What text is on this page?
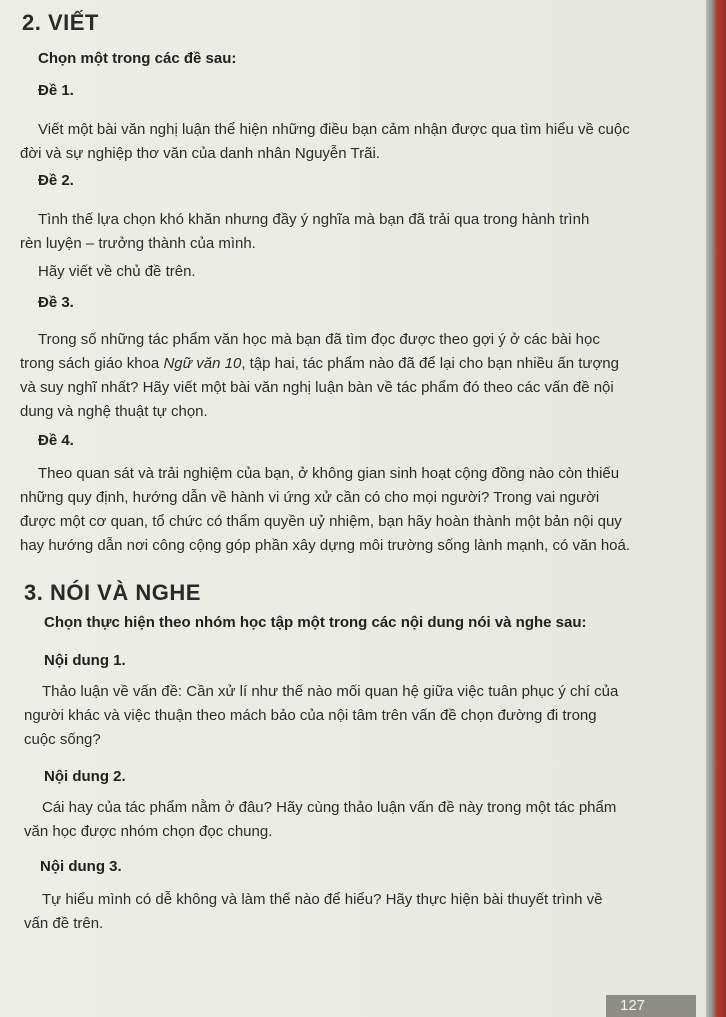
2. VIẾT
Chọn một trong các đề sau:
Đề 1.
Viết một bài văn nghị luận thể hiện những điều bạn cảm nhận được qua tìm hiểu về cuộc
đời và sự nghiệp thơ văn của danh nhân Nguyễn Trãi.
Đề 2.
Tình thế lựa chọn khó khăn nhưng đầy ý nghĩa mà bạn đã trải qua trong hành trình
rèn luyện – trưởng thành của mình.
Hãy viết về chủ đề trên.
Đề 3.
Trong số những tác phẩm văn học mà bạn đã tìm đọc được theo gợi ý ở các bài học
trong sách giáo khoa Ngữ văn 10, tập hai, tác phẩm nào đã để lại cho bạn nhiều ấn tượng
và suy nghĩ nhất? Hãy viết một bài văn nghị luận bàn về tác phẩm đó theo các vấn đề nội
dung và nghệ thuật tự chọn.
Đề 4.
Theo quan sát và trải nghiệm của bạn, ở không gian sinh hoạt cộng đồng nào còn thiếu
những quy định, hướng dẫn về hành vi ứng xử cần có cho mọi người? Trong vai người
được một cơ quan, tổ chức có thẩm quyền uỷ nhiệm, bạn hãy hoàn thành một bản nội quy
hay hướng dẫn nơi công cộng góp phần xây dựng môi trường sống lành mạnh, có văn hoá.
3. NÓI VÀ NGHE
Chọn thực hiện theo nhóm học tập một trong các nội dung nói và nghe sau:
Nội dung 1.
Thảo luận về vấn đề: Cần xử lí như thế nào mối quan hệ giữa việc tuân phục ý chí của
người khác và việc thuận theo mách bảo của nội tâm trên vấn đề chọn đường đi trong
cuộc sống?
Nội dung 2.
Cái hay của tác phẩm nằm ở đâu? Hãy cùng thảo luận vấn đề này trong một tác phẩm
văn học được nhóm chọn đọc chung.
Nội dung 3.
Tự hiểu mình có dễ không và làm thế nào để hiểu? Hãy thực hiện bài thuyết trình về
vấn đề trên.
127
